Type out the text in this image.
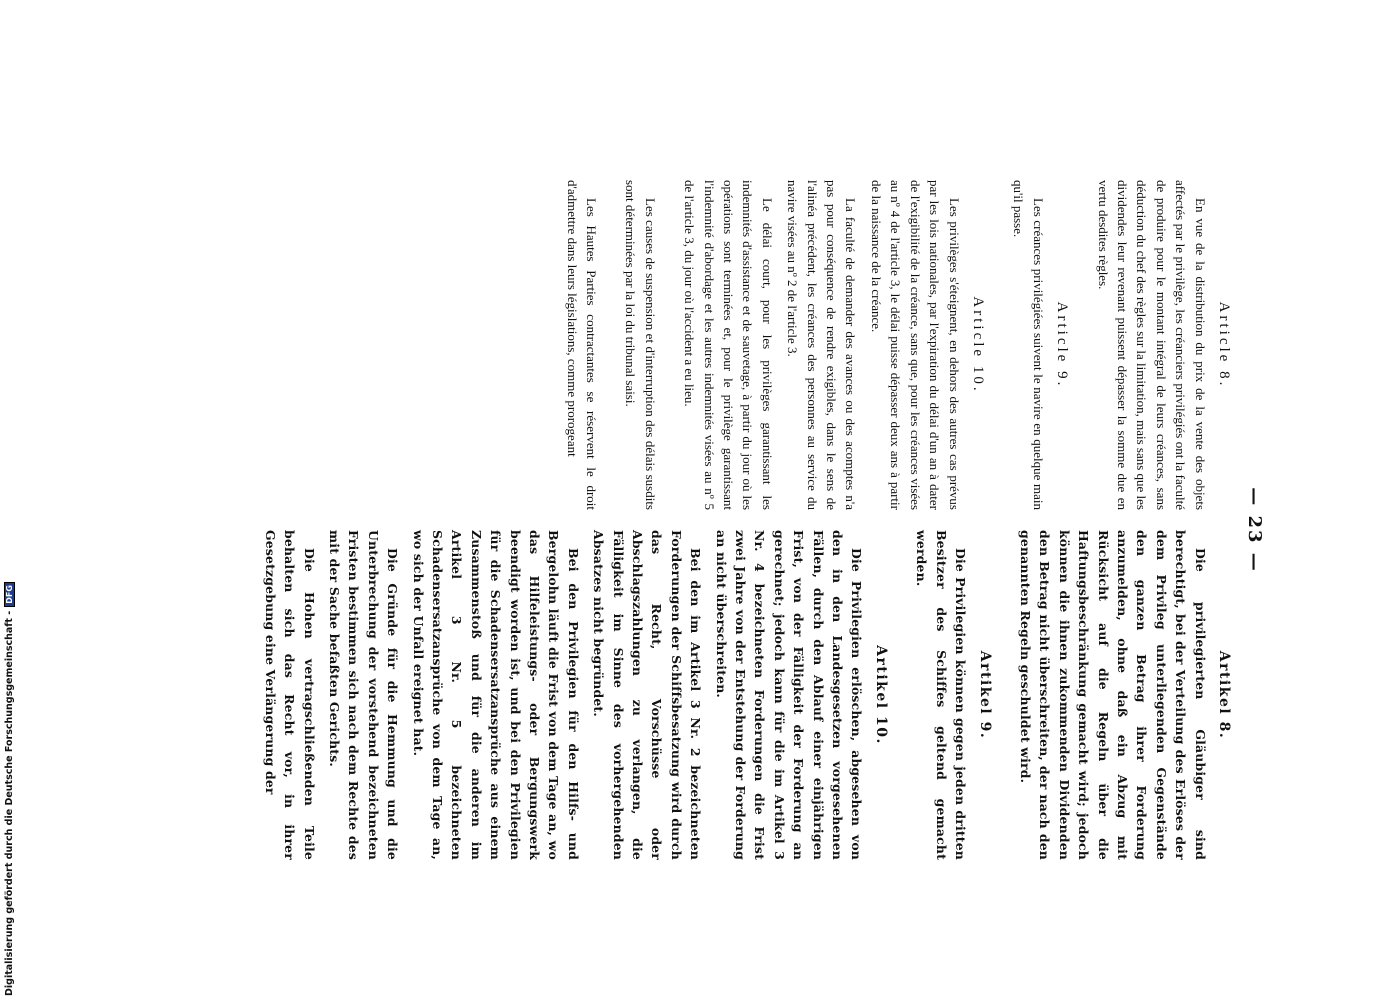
— 23 —
Article 8.

En vue de la distribution du prix de la vente des objets affectés par le privilège, les créanciers privilégiés ont la faculté de produire pour le montant intégral de leurs créances, sans déduction du chef des règles sur la limitation, mais sans que les dividendes leur revenant puissent dépasser la somme due en vertu desdites règles.

Article 9.

Les créances privilégiées suivent le navire en quelque main qu'il passe.

Article 10.

Les privilèges s'éteignent, en dehors des autres cas prévus par les lois nationales, par l'expiration du délai d'un an à dater de l'exigibilité de la créance, sans que, pour les créances visées au nº 4 de l'article 3, le délai puisse dépasser deux ans à partir de la naissance de la créance.

La faculté de demander des avances ou des acomptes n'a pas pour conséquence de rendre exigibles, dans le sens de l'alinéa précédent, les créances des personnes au service du navire visées au nº 2 de l'article 3.

Le délai court, pour les privilèges garantissant les indemnités d'assistance et de sauvetage, à partir du jour où les opérations sont terminées et, pour le privilège garantissant l'indemnité d'abordage et les autres indemnités visées au nº 5 de l'article 3, du jour où l'accident a eu lieu.

Les causes de suspension et d'interruption des délais susdits sont déterminées par la loi du tribunal saisi.

Les Hautes Parties contractantes se réservent le droit d'admettre dans leurs législations, comme prorogeant

Artikel 8.

Die privilegierten Gläubiger sind berechtigt, bei der Verteilung des Erlöses der dem Privileg unterliegenden Gegenstände den ganzen Betrag ihrer Forderung anzumelden, ohne daß ein Abzug mit Rücksicht auf die Regeln über die Haftungsbeschränkung gemacht wird; jedoch können die ihnen zukommenden Dividenden den Betrag nicht überschreiten, der nach den genannten Regeln geschuldet wird.

Artikel 9.

Die Privilegien können gegen jeden dritten Besitzer des Schiffes geltend gemacht werden.

Artikel 10.

Die Privilegien erlöschen, abgesehen von den in den Landesgesetzen vorgesehenen Fällen, durch den Ablauf einer einjährigen Frist, von der Fälligkeit der Forderung an gerechnet; jedoch kann für die im Artikel 3 Nr. 4 bezeichneten Forderungen die Frist zwei Jahre von der Entstehung der Forderung an nicht überschreiten.

Bei den im Artikel 3 Nr. 2 bezeichneten Forderungen der Schiffsbesatzung wird durch das Recht, Vorschüsse oder Abschlagszahlungen zu verlangen, die Fälligkeit im Sinne des vorhergehenden Absatzes nicht begründet.

Bei den Privilegien für den Hilfs- und Bergelohn läuft die Frist von dem Tage an, wo das Hilfeleistungs- oder Bergungswerk beendigt worden ist, und bei den Privilegien für die Schadensersatzansprüche aus einem Zusammenstoß und für die anderen im Artikel 3 Nr. 5 bezeichneten Schadensersatzansprüche von dem Tage an, wo sich der Unfall ereignet hat.

Die Gründe für die Hemmung und die Unterbrechung der vorstehend bezeichneten Fristen bestimmen sich nach dem Rechte des mit der Sache befaßten Gerichts.

Die Hohen vertragschließenden Teile behalten sich das Recht vor, in ihrer Gesetzgebung eine Verlängerung der

Digitalisierung gefördert durch die Deutsche Forschungsgemeinschaft -DFG
